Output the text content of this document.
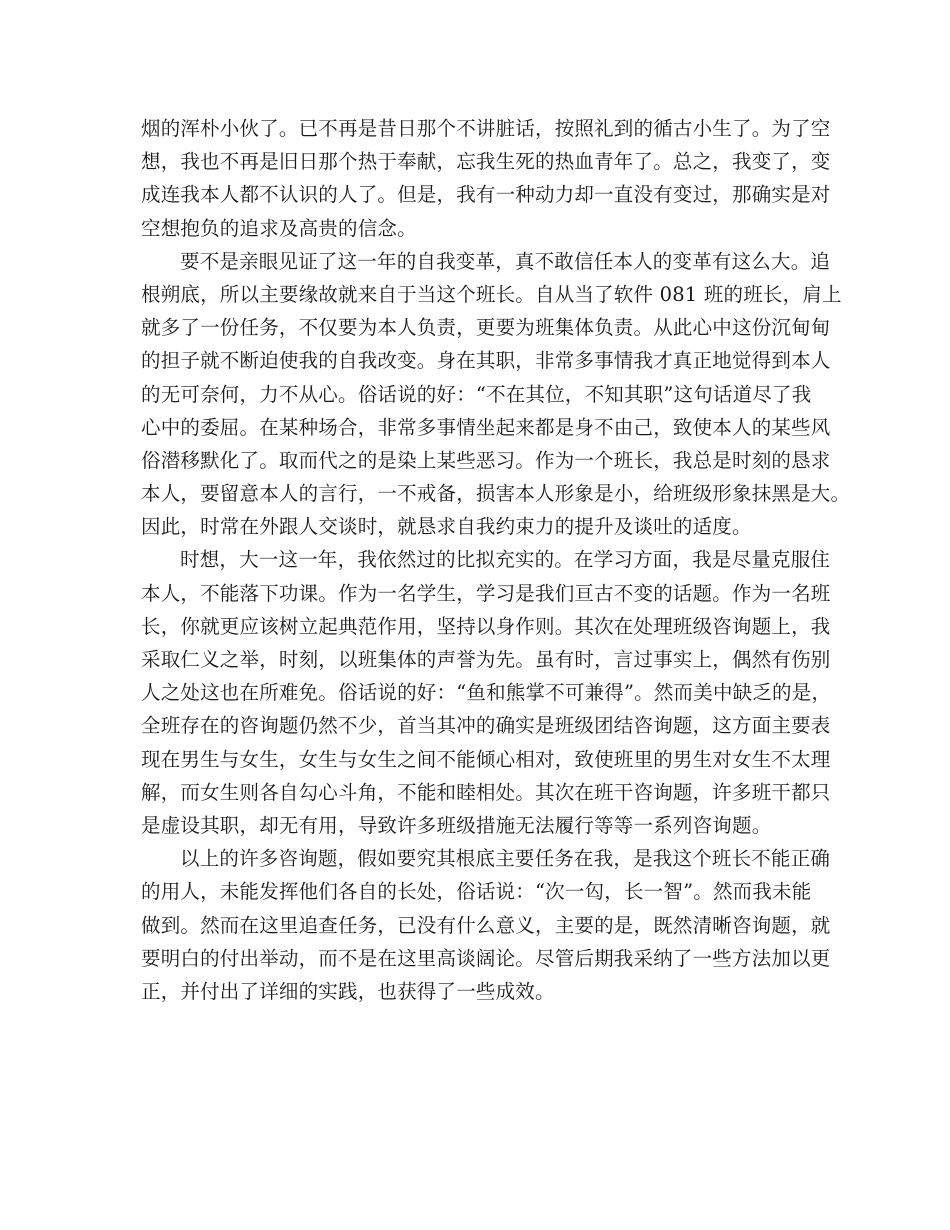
烟的浑朴小伙了。已不再是昔日那个不讲脏话，按照礼到的循古小生了。为了空
想，我也不再是旧日那个热于奉献，忘我生死的热血青年了。总之，我变了，变
成连我本人都不认识的人了。但是，我有一种动力却一直没有变过，那确实是对
空想抱负的追求及高贵的信念。
要不是亲眼见证了这一年的自我变革，真不敢信任本人的变革有这么大。追
根朔底，所以主要缘故就来自于当这个班长。自从当了软件 081 班的班长，肩上
就多了一份任务，不仅要为本人负责，更要为班集体负责。从此心中这份沉甸甸
的担子就不断迫使我的自我改变。身在其职，非常多事情我才真正地觉得到本人
的无可奈何，力不从心。俗话说的好：“不在其位，不知其职”这句话道尽了我
心中的委屈。在某种场合，非常多事情坐起来都是身不由己，致使本人的某些风
俗潜移默化了。取而代之的是染上某些恶习。作为一个班长，我总是时刻的恳求
本人，要留意本人的言行，一不戒备，损害本人形象是小，给班级形象抹黑是大。
因此，时常在外跟人交谈时，就恳求自我约束力的提升及谈吐的适度。
时想，大一这一年，我依然过的比拟充实的。在学习方面，我是尽量克服住
本人，不能落下功课。作为一名学生，学习是我们亘古不变的话题。作为一名班
长，你就更应该树立起典范作用，坚持以身作则。其次在处理班级咨询题上，我
采取仁义之举，时刻，以班集体的声誉为先。虽有时，言过事实上，偶然有伤别
人之处这也在所难免。俗话说的好：“鱼和熊掌不可兼得”。然而美中缺乏的是，
全班存在的咨询题仍然不少，首当其冲的确实是班级团结咨询题，这方面主要表
现在男生与女生，女生与女生之间不能倾心相对，致使班里的男生对女生不太理
解，而女生则各自勾心斗角，不能和睦相处。其次在班干咨询题，许多班干都只
是虚设其职，却无有用，导致许多班级措施无法履行等等一系列咨询题。
以上的许多咨询题，假如要究其根底主要任务在我，是我这个班长不能正确
的用人，未能发挥他们各自的长处，俗话说：“次一匃，长一智”。然而我未能
做到。然而在这里追查任务，已没有什么意义，主要的是，既然清晰咨询题，就
要明白的付出举动，而不是在这里高谈阔论。尽管后期我采纳了一些方法加以更
正，并付出了详细的实践，也获得了一些成效。
